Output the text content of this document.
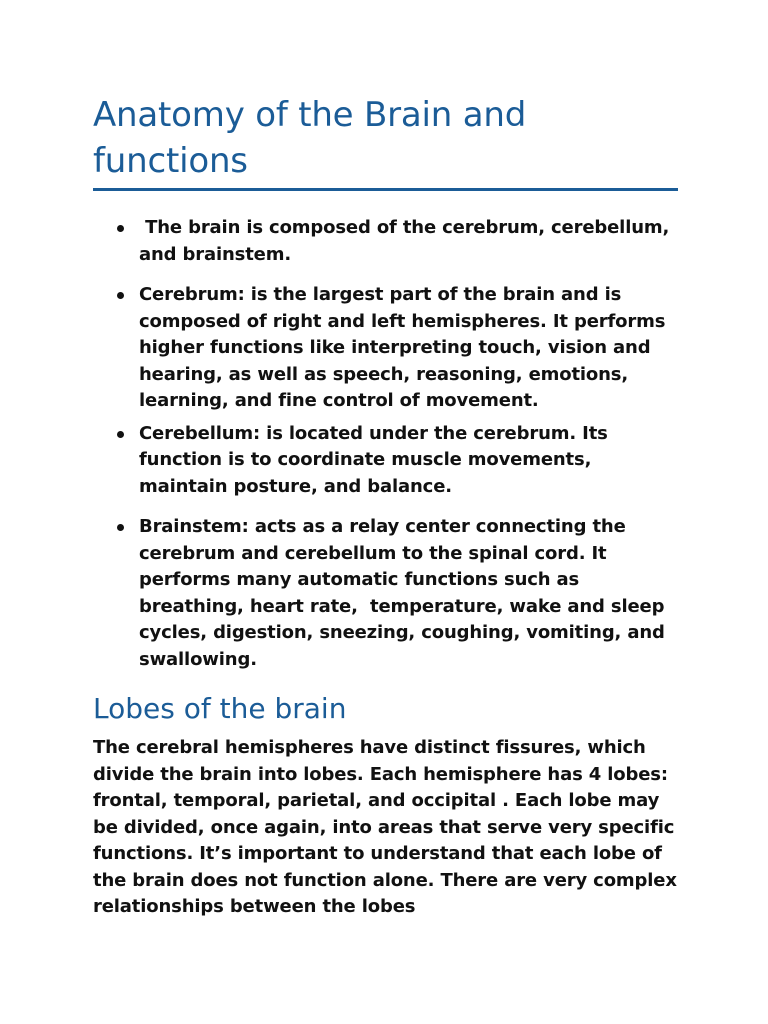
Anatomy of the Brain and functions
The brain is composed of the cerebrum, cerebellum, and brainstem.
Cerebrum: is the largest part of the brain and is composed of right and left hemispheres. It performs higher functions like interpreting touch, vision and hearing, as well as speech, reasoning, emotions, learning, and fine control of movement.
Cerebellum: is located under the cerebrum. Its function is to coordinate muscle movements, maintain posture, and balance.
Brainstem: acts as a relay center connecting the cerebrum and cerebellum to the spinal cord. It performs many automatic functions such as breathing, heart rate,  temperature, wake and sleep cycles, digestion, sneezing, coughing, vomiting, and swallowing.
Lobes of the brain

The cerebral hemispheres have distinct fissures, which divide the brain into lobes. Each hemisphere has 4 lobes: frontal, temporal, parietal, and occipital . Each lobe may be divided, once again, into areas that serve very specific functions. It’s important to understand that each lobe of the brain does not function alone. There are very complex relationships between the lobes
